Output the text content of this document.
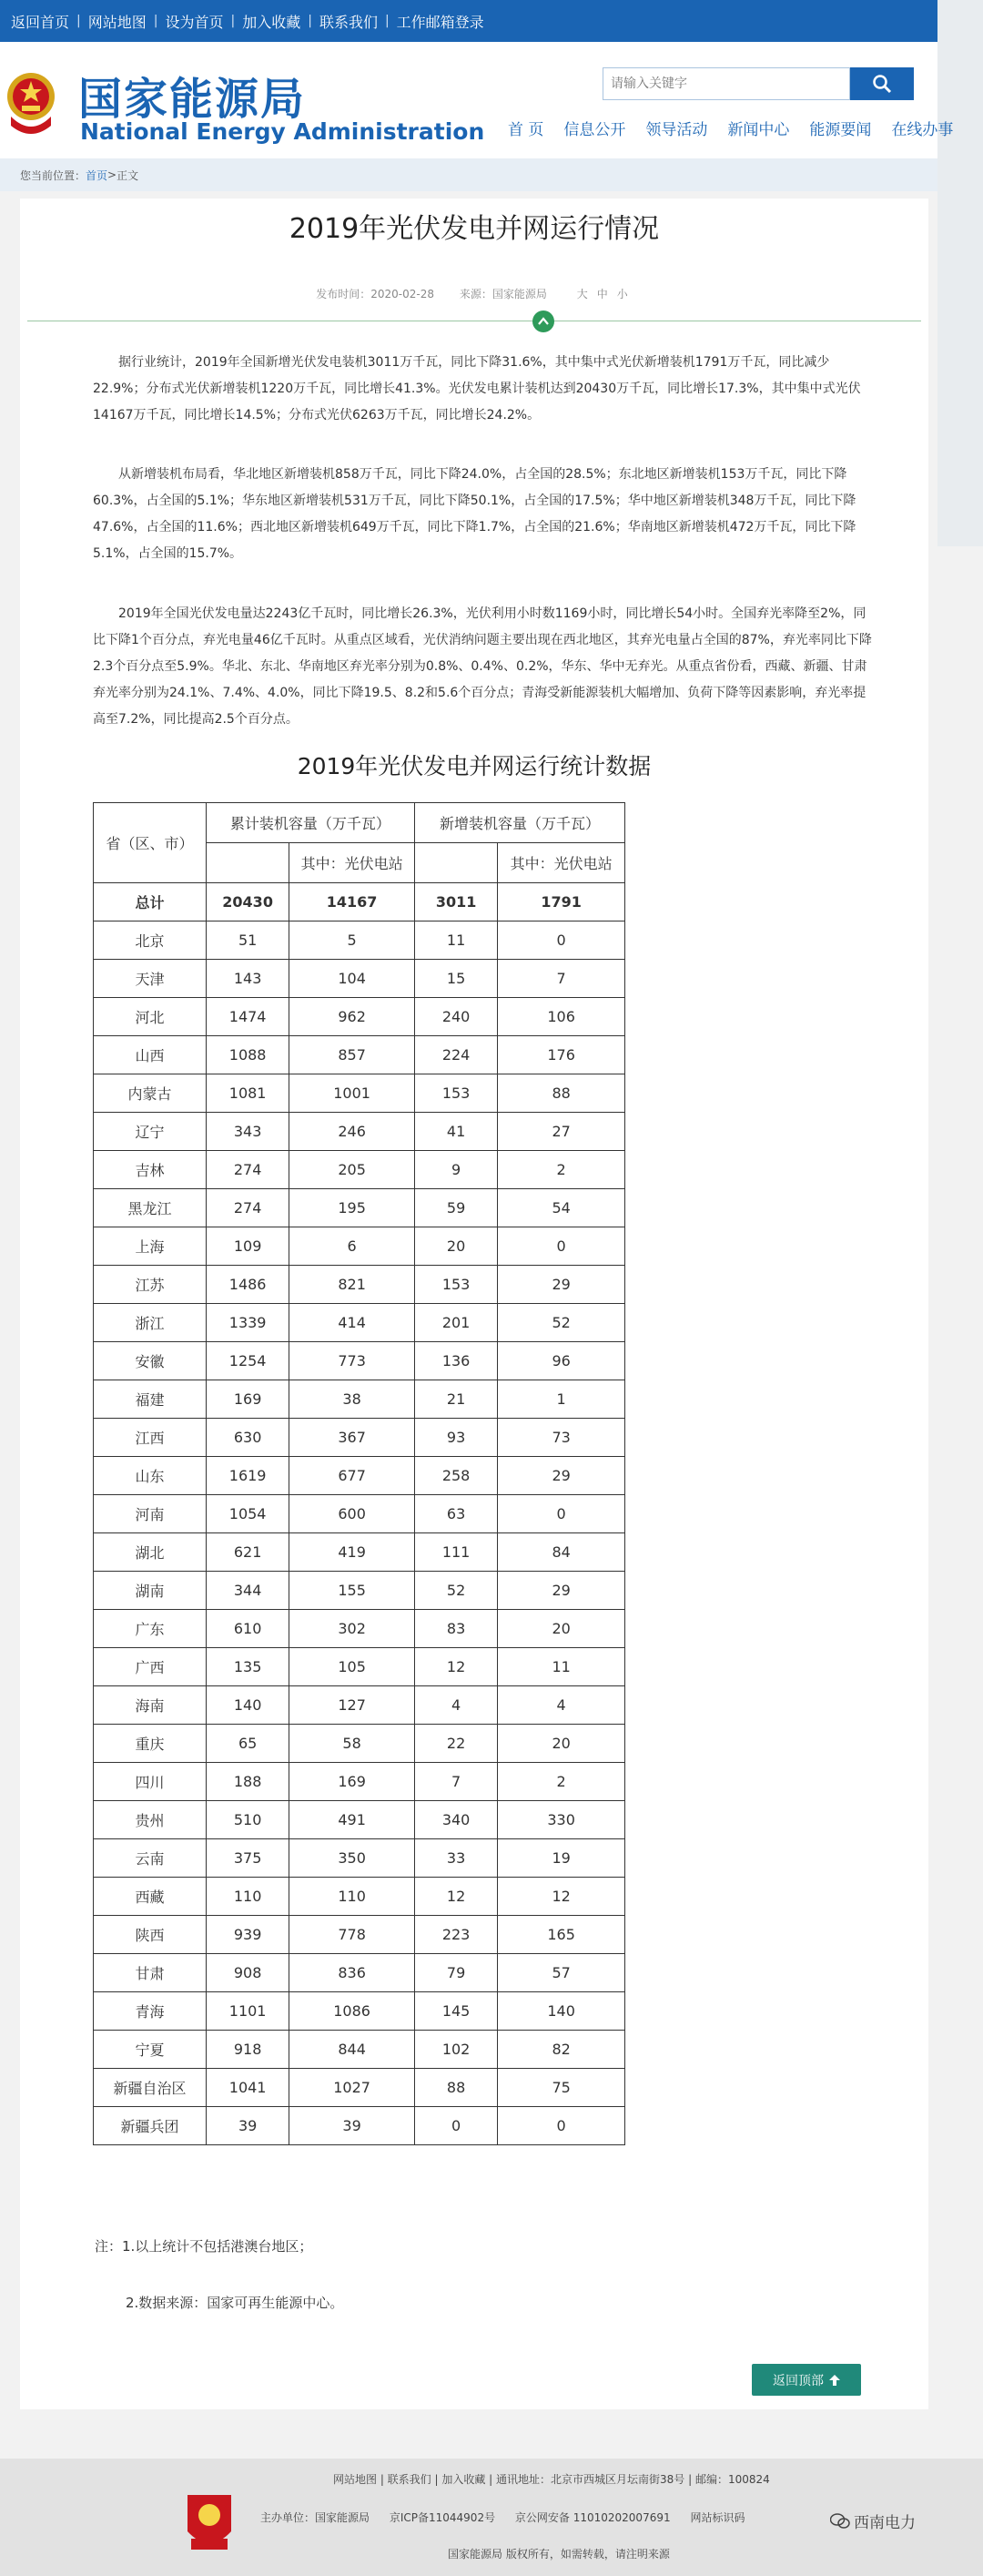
返回首页 | 网站地图 | 设为首页 | 加入收藏 | 联系我们 | 工作邮箱登录
国家能源局
National Energy Administration
请输入关键字 首 页 信息公开 领导活动 新闻中心 能源要闻 在线办事
您当前位置： 首页 > 正文
2019年光伏发电并网运行情况
发布时间：2020-02-28 来源：国家能源局	大 中 小

据行业统计，2019年全国新增光伏发电装机3011万千瓦，同比下降31.6%，其中集中式光伏新增装机1791万千瓦，同比减少22.9%；分布式光伏新增装机1220万千瓦，同比增长41.3%。光伏发电累计装机达到20430万千瓦，同比增长17.3%，其中集中式光伏14167万千瓦，同比增长14.5%；分布式光伏6263万千瓦，同比增长24.2%。

从新增装机布局看，华北地区新增装机858万千瓦，同比下降24.0%，占全国的28.5%；东北地区新增装机153万千瓦，同比下降60.3%，占全国的5.1%；华东地区新增装机531万千瓦，同比下降50.1%，占全国的17.5%；华中地区新增装机348万千瓦，同比下降47.6%，占全国的11.6%；西北地区新增装机649万千瓦，同比下降1.7%，占全国的21.6%；华南地区新增装机472万千瓦，同比下降5.1%，占全国的15.7%。

2019年全国光伏发电量达2243亿千瓦时，同比增长26.3%，光伏利用小时数1169小时，同比增长54小时。全国弃光率降至2%，同比下降1个百分点，弃光电量46亿千瓦时。从重点区域看，光伏消纳问题主要出现在西北地区，其弃光电量占全国的87%，弃光率同比下降2.3个百分点至5.9%。华北、东北、华南地区弃光率分别为0.8%、0.4%、0.2%，华东、华中无弃光。从重点省份看，西藏、新疆、甘肃弃光率分别为24.1%、7.4%、4.0%，同比下降19.5、8.2和5.6个百分点；青海受新能源装机大幅增加、负荷下降等因素影响，弃光率提高至7.2%，同比提高2.5个百分点。

2019年光伏发电并网运行统计数据
省（区、市）	累计装机容量（万千瓦）		新增装机容量（万千瓦）	
		其中：光伏电站		其中：光伏电站
总计	20430	14167	3011	1791
北京	51	5	11	0
天津	143	104	15	7
河北	1474	962	240	106
山西	1088	857	224	176
内蒙古	1081	1001	153	88
辽宁	343	246	41	27
吉林	274	205	9	2
黑龙江	274	195	59	54
上海	109	6	20	0
江苏	1486	821	153	29
浙江	1339	414	201	52
安徽	1254	773	136	96
福建	169	38	21	1
江西	630	367	93	73
山东	1619	677	258	29
河南	1054	600	63	0
湖北	621	419	111	84
湖南	344	155	52	29
广东	610	302	83	20
广西	135	105	12	11
海南	140	127	4	4
重庆	65	58	22	20
四川	188	169	7	2
贵州	510	491	340	330
云南	375	350	33	19
西藏	110	110	12	12
陕西	939	778	223	165
甘肃	908	836	79	57
青海	1101	1086	145	140
宁夏	918	844	102	82
新疆自治区	1041	1027	88	75
新疆兵团	39	39	0	0
注：1.以上统计不包括港澳台地区；
2.数据来源：国家可再生能源中心。
返回顶部
网站地图 | 联系我们 | 加入收藏 | 通讯地址：北京市西城区月坛南街38号 | 邮编：100824
主办单位：国家能源局 京ICP备11044902号 京公网安备 11010202007691 网站标识码
国家能源局 版权所有，如需转载，请注明来源
西南电力
